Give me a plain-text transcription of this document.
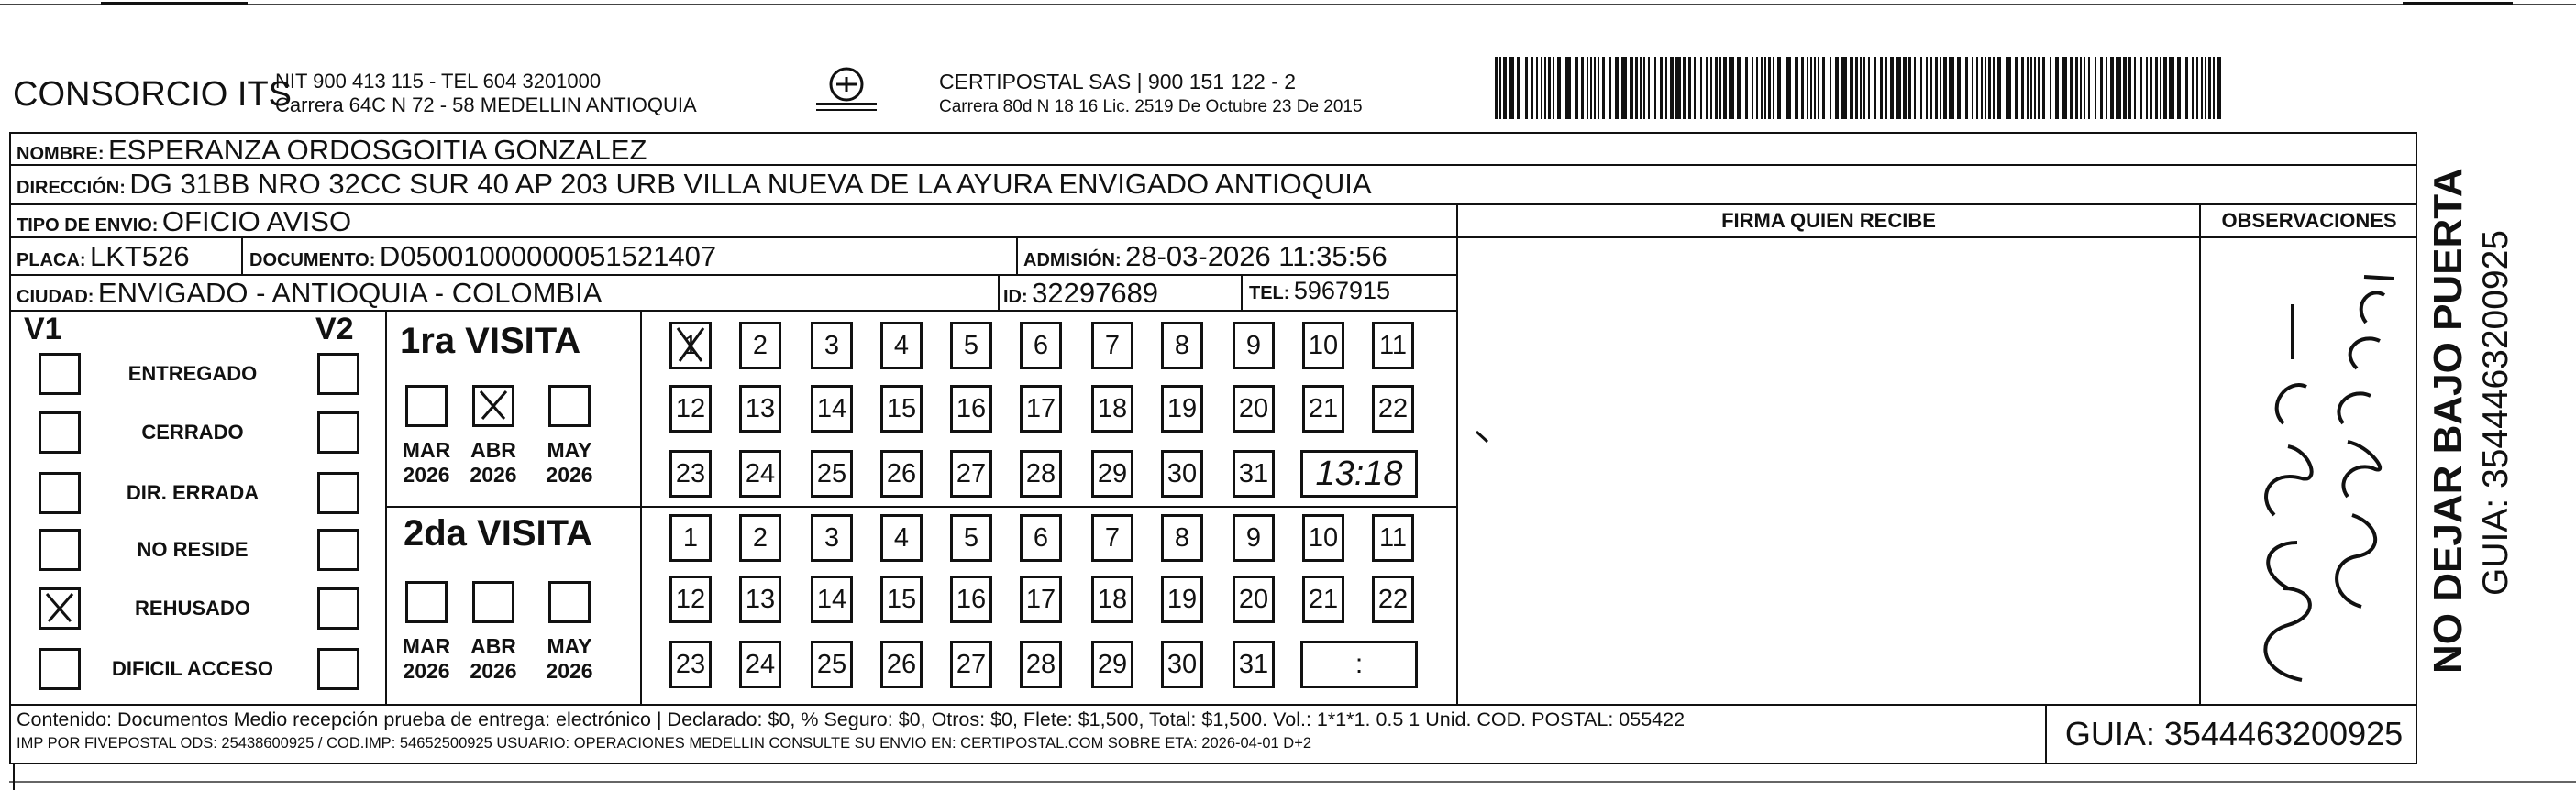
CONSORCIO ITS
NIT 900 413 115 - TEL 604 3201000
Carrera 64C N 72 - 58 MEDELLIN ANTIOQUIA
CERTIPOSTAL SAS | 900 151 122 - 2
Carrera 80d N 18 16 Lic. 2519 De Octubre 23 De 2015
NOMBRE: ESPERANZA ORDOSGOITIA GONZALEZ
DIRECCIÓN: DG 31BB NRO 32CC SUR 40 AP 203 URB VILLA NUEVA DE LA AYURA ENVIGADO ANTIOQUIA
TIPO DE ENVIO: OFICIO AVISO
PLACA: LKT526	DOCUMENTO: D05001000000051521407	ADMISIÓN: 28-03-2026 11:35:56
CIUDAD: ENVIGADO - ANTIOQUIA - COLOMBIA	ID: 32297689	TEL: 5967915
FIRMA QUIEN RECIBE	OBSERVACIONES NO DEJAR BAJO PUERTA GUIA: 3544463200925
V1	V2
ENTREGADO
CERRADO
DIR. ERRADA
NO RESIDE
REHUSADO
DIFICIL ACCESO
1ra VISITA
2da VISITA
MAR
2026
ABR
2026
MAY
2026
MAR
2026
ABR
2026
MAY
2026
1 2 3 4 5 6 7 8 9 10 11
12 13 14 15 16 17 18 19 20 21 22
23 24 25 26 27 28 29 30 31	13:18
1 2 3 4 5 6 7 8 9 10 11
12 13 14 15 16 17 18 19 20 21 22
23 24 25 26 27 28 29 30 31	:
Contenido: Documentos Medio recepción prueba de entrega: electrónico | Declarado: $0, % Seguro: $0, Otros: $0, Flete: $1,500, Total: $1,500. Vol.: 1*1*1. 0.5 1 Unid. COD. POSTAL: 055422
IMP POR FIVEPOSTAL ODS: 25438600925 / COD.IMP: 54652500925 USUARIO: OPERACIONES MEDELLIN CONSULTE SU ENVIO EN: CERTIPOSTAL.COM SOBRE ETA: 2026-04-01 D+2	GUIA: 3544463200925
